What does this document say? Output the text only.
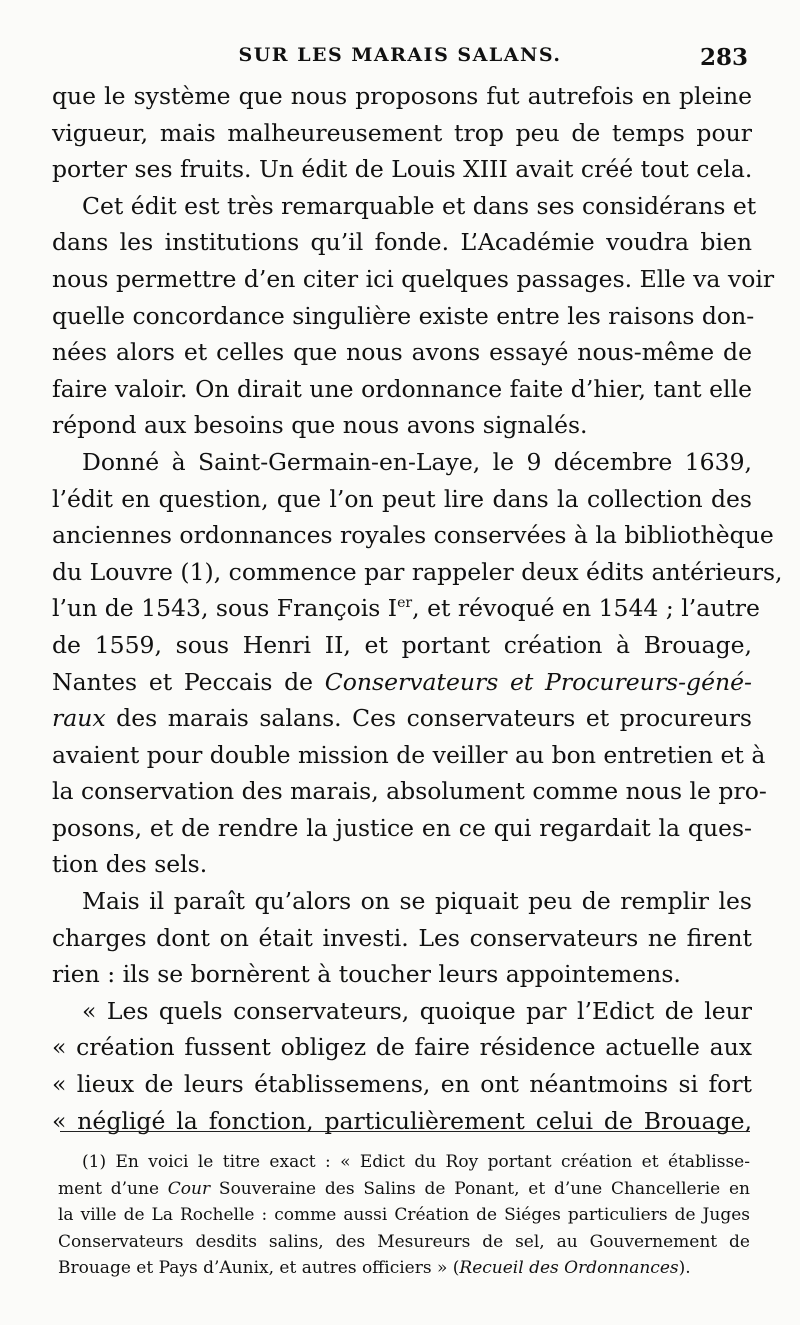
SUR LES MARAIS SALANS.	283
que le système que nous proposons fut autrefois en pleine
vigueur, mais malheureusement trop peu de temps pour
porter ses fruits. Un édit de Louis XIII avait créé tout cela.
Cet édit est très remarquable et dans ses considérans et
dans les institutions qu’il fonde. L’Académie voudra bien
nous permettre d’en citer ici quelques passages. Elle va voir
quelle concordance singulière existe entre les raisons don-
nées alors et celles que nous avons essayé nous-même de
faire valoir. On dirait une ordonnance faite d’hier, tant elle
répond aux besoins que nous avons signalés.
Donné à Saint-Germain-en-Laye, le 9 décembre 1639,
l’édit en question, que l’on peut lire dans la collection des
anciennes ordonnances royales conservées à la bibliothèque
du Louvre (1), commence par rappeler deux édits antérieurs,
l’un de 1543, sous François Ier, et révoqué en 1544 ; l’autre
de 1559, sous Henri II, et portant création à Brouage,
Nantes et Peccais de Conservateurs et Procureurs-géné-
raux des marais salans. Ces conservateurs et procureurs
avaient pour double mission de veiller au bon entretien et à
la conservation des marais, absolument comme nous le pro-
posons, et de rendre la justice en ce qui regardait la ques-
tion des sels.
Mais il paraît qu’alors on se piquait peu de remplir les
charges dont on était investi. Les conservateurs ne firent
rien : ils se bornèrent à toucher leurs appointemens.
« Les quels conservateurs, quoique par l’Edict de leur
« création fussent obligez de faire résidence actuelle aux
« lieux de leurs établissemens, en ont néantmoins si fort
« négligé la fonction, particulièrement celui de Brouage,
(1) En voici le titre exact : « Edict du Roy portant création et établisse-
ment d’une Cour Souveraine des Salins de Ponant, et d’une Chancellerie en
la ville de La Rochelle : comme aussi Création de Siéges particuliers de Juges
Conservateurs desdits salins, des Mesureurs de sel, au Gouvernement de
Brouage et Pays d’Aunix, et autres officiers » (Recueil des Ordonnances).
